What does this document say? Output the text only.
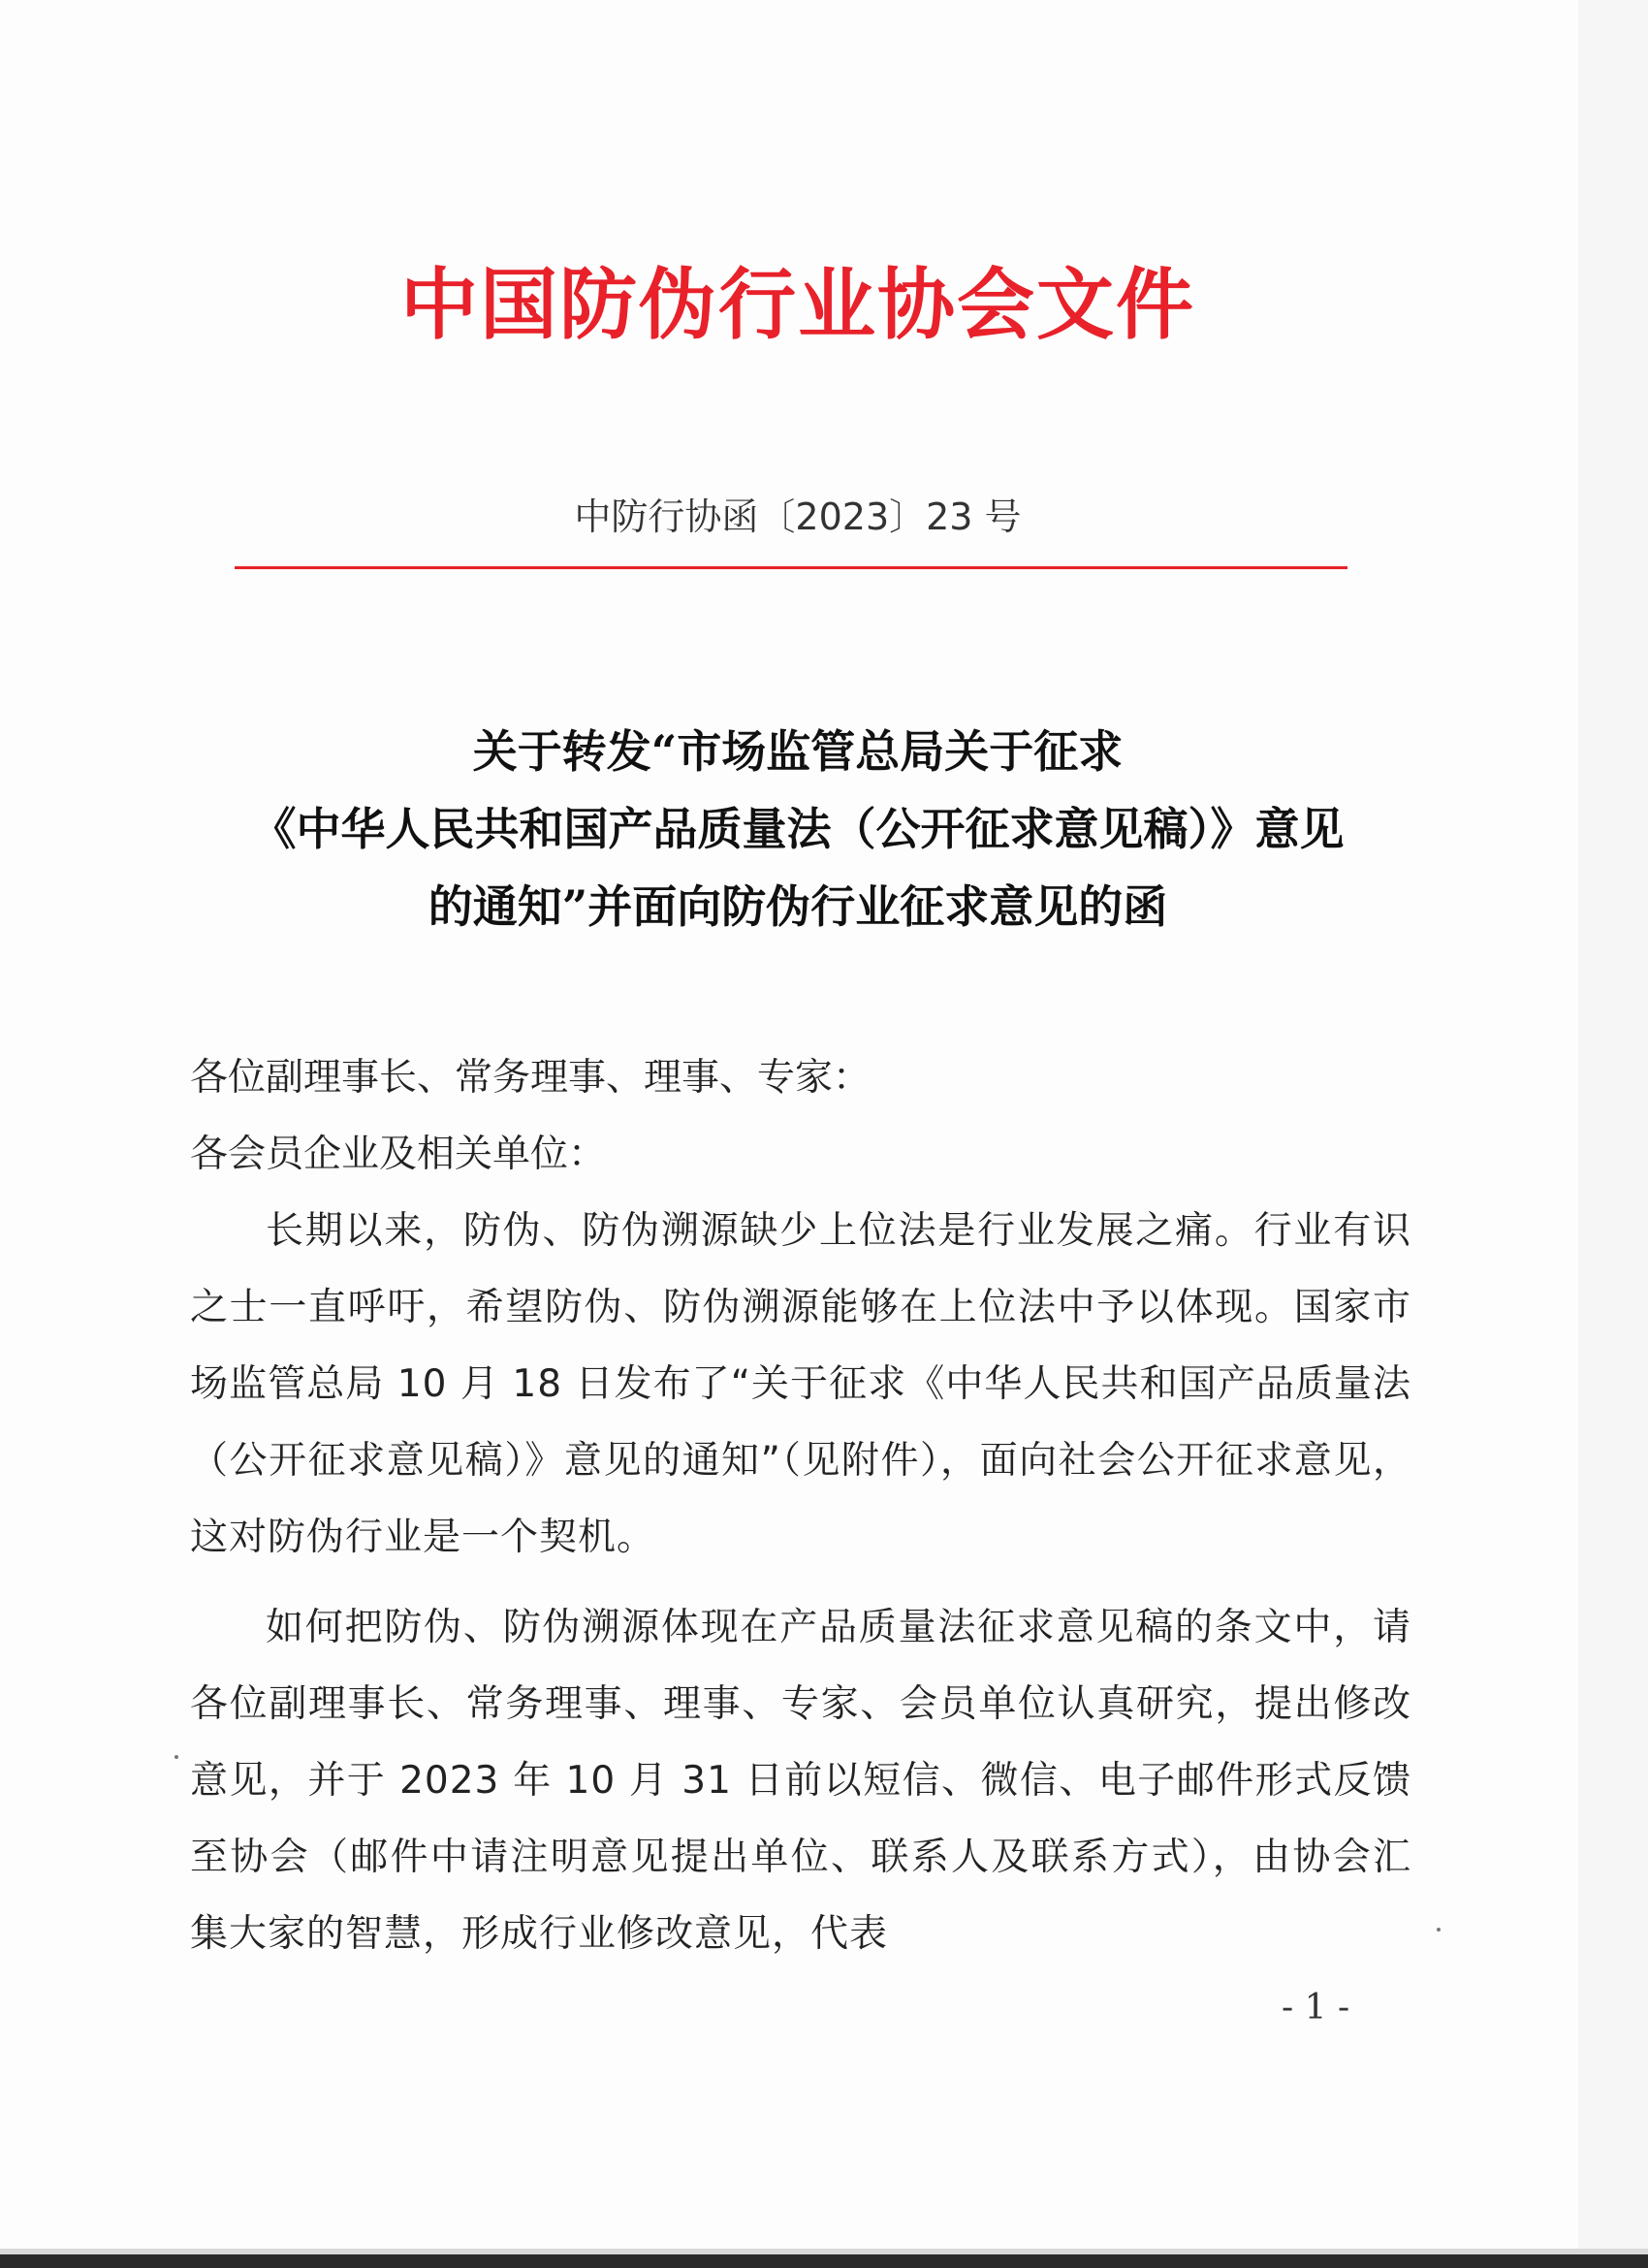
中国防伪行业协会文件
中防行协函〔2023〕23 号
关于转发“市场监管总局关于征求
《中华人民共和国产品质量法（公开征求意见稿）》意见
的通知”并面向防伪行业征求意见的函
各位副理事长、常务理事、理事、专家：
各会员企业及相关单位：
长期以来，防伪、防伪溯源缺少上位法是行业发展之痛。行业有识之士一直呼吁，希望防伪、防伪溯源能够在上位法中予以体现。国家市场监管总局 10 月 18 日发布了“关于征求《中华人民共和国产品质量法（公开征求意见稿）》意见的通知”（见附件），面向社会公开征求意见，这对防伪行业是一个契机。
如何把防伪、防伪溯源体现在产品质量法征求意见稿的条文中，请各位副理事长、常务理事、理事、专家、会员单位认真研究，提出修改意见，并于 2023 年 10 月 31 日前以短信、微信、电子邮件形式反馈至协会（邮件中请注明意见提出单位、联系人及联系方式），由协会汇集大家的智慧，形成行业修改意见，代表
- 1 -
